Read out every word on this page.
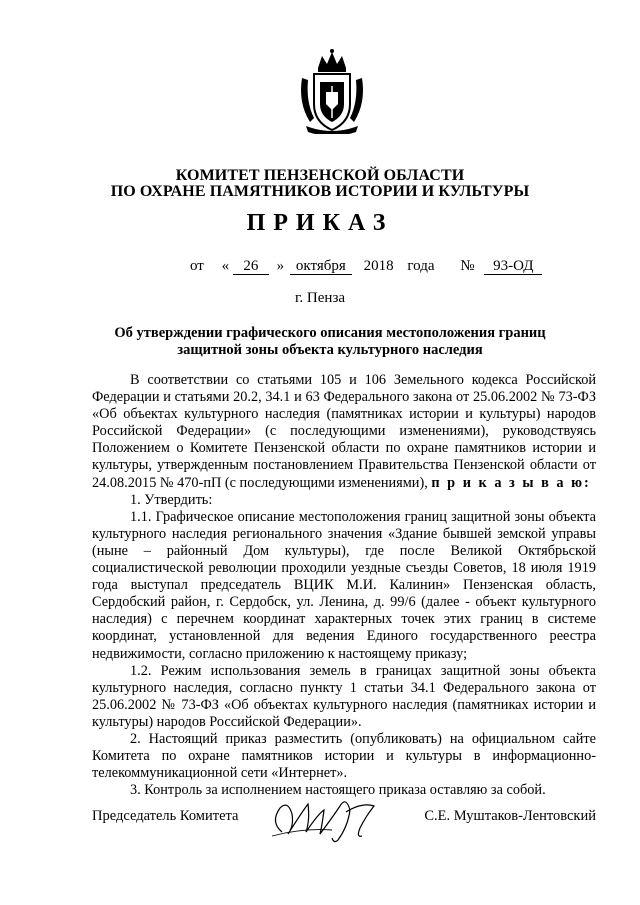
КОМИТЕТ ПЕНЗЕНСКОЙ ОБЛАСТИ
ПО ОХРАНЕ ПАМЯТНИКОВ ИСТОРИИ И КУЛЬТУРЫ
ПРИКАЗ
от « 26 » октября 2018 года № 93-ОД
г. Пенза
Об утверждении графического описания местоположения границ
защитной зоны объекта культурного наследия

В соответствии со статьями 105 и 106 Земельного кодекса Российской Федерации и статьями 20.2, 34.1 и 63 Федерального закона от 25.06.2002 № 73-ФЗ «Об объектах культурного наследия (памятниках истории и культуры) народов Российской Федерации» (с последующими изменениями), руководствуясь Положением о Комитете Пензенской области по охране памятников истории и культуры, утвержденным постановлением Правительства Пензенской области от 24.08.2015 № 470-пП (с последующими изменениями), п р и к а з ы в а ю:

1. Утвердить:

1.1. Графическое описание местоположения границ защитной зоны объекта культурного наследия регионального значения «Здание бывшей земской управы (ныне – районный Дом культуры), где после Великой Октябрьской социалистической революции проходили уездные съезды Советов, 18 июля 1919 года выступал председатель ВЦИК М.И. Калинин» Пензенская область, Сердобский район, г. Сердобск, ул. Ленина, д. 99/6 (далее - объект культурного наследия) с перечнем координат характерных точек этих границ в системе координат, установленной для ведения Единого государственного реестра недвижимости, согласно приложению к настоящему приказу;

1.2. Режим использования земель в границах защитной зоны объекта культурного наследия, согласно пункту 1 статьи 34.1 Федерального закона от 25.06.2002 № 73-ФЗ «Об объектах культурного наследия (памятниках истории и культуры) народов Российской Федерации».

2. Настоящий приказ разместить (опубликовать) на официальном сайте Комитета по охране памятников истории и культуры в информационно-телекоммуникационной сети «Интернет».

3. Контроль за исполнением настоящего приказа оставляю за собой.

Председатель Комитета	С.Е. Муштаков-Лентовский
